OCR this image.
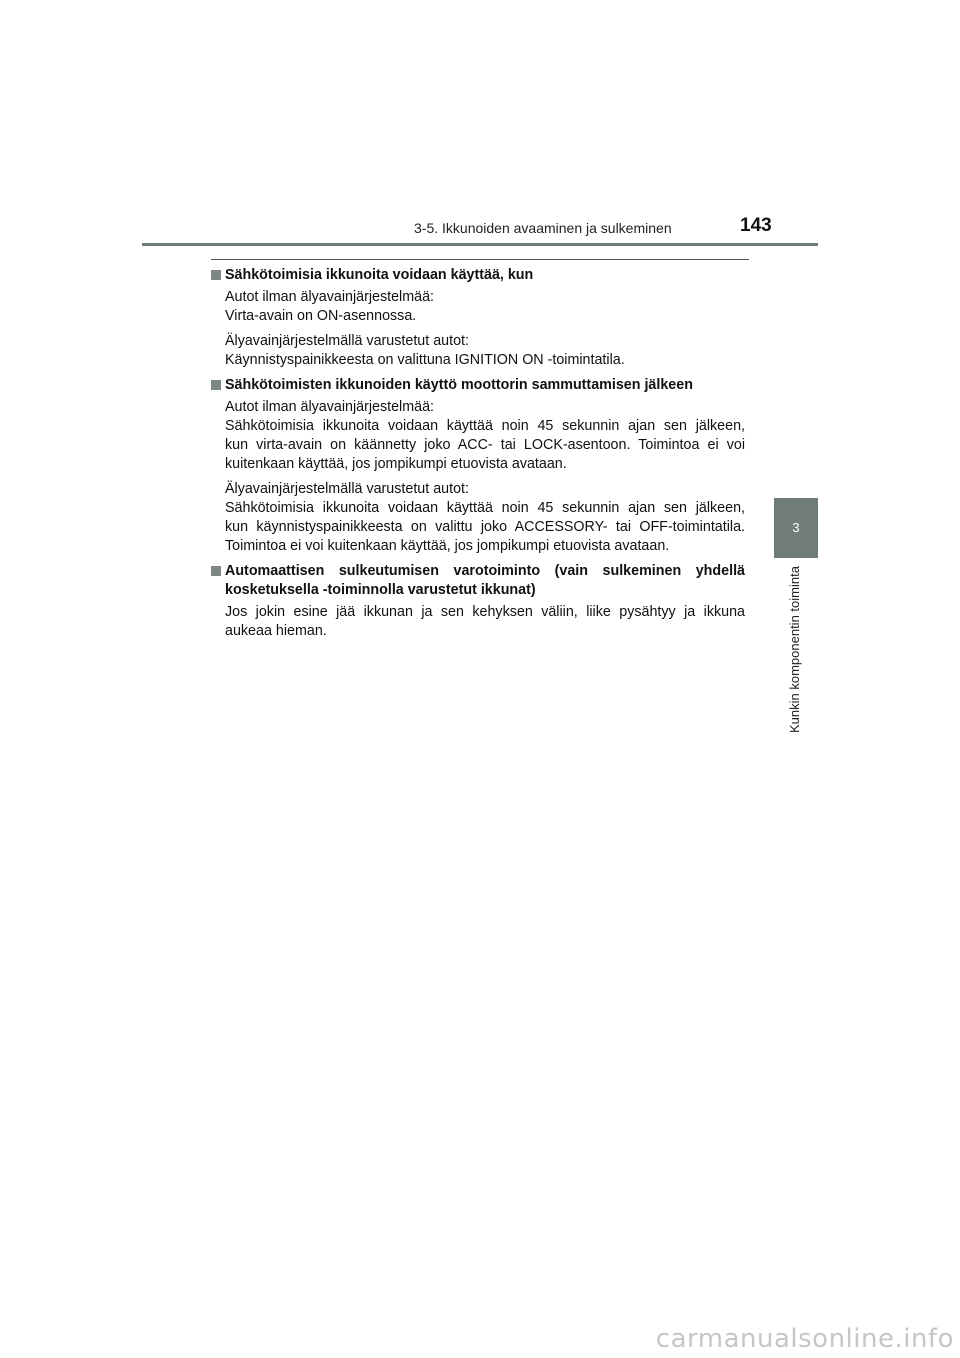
3-5. Ikkunoiden avaaminen ja sulkeminen	143
Sähkötoimisia ikkunoita voidaan käyttää, kun
Autot ilman älyavainjärjestelmää:
Virta-avain on ON-asennossa.
Älyavainjärjestelmällä varustetut autot:
Käynnistyspainikkeesta on valittuna IGNITION ON -toimintatila.
Sähkötoimisten ikkunoiden käyttö moottorin sammuttamisen jälkeen
Autot ilman älyavainjärjestelmää:
Sähkötoimisia ikkunoita voidaan käyttää noin 45 sekunnin ajan sen jälkeen,
kun virta-avain on käännetty joko ACC- tai LOCK-asentoon. Toimintoa ei voi
kuitenkaan käyttää, jos jompikumpi etuovista avataan.
Älyavainjärjestelmällä varustetut autot:
Sähkötoimisia ikkunoita voidaan käyttää noin 45 sekunnin ajan sen jälkeen,
kun käynnistyspainikkeesta on valittu joko ACCESSORY- tai OFF-toimintatila.
Toimintoa ei voi kuitenkaan käyttää, jos jompikumpi etuovista avataan.
Automaattisen sulkeutumisen varotoiminto (vain sulkeminen yhdellä kosketuksella -toiminnolla varustetut ikkunat)
Jos jokin esine jää ikkunan ja sen kehyksen väliin, liike pysähtyy ja ikkuna
aukeaa hieman.
3
Kunkin komponentin toiminta
carmanualsonline.info
